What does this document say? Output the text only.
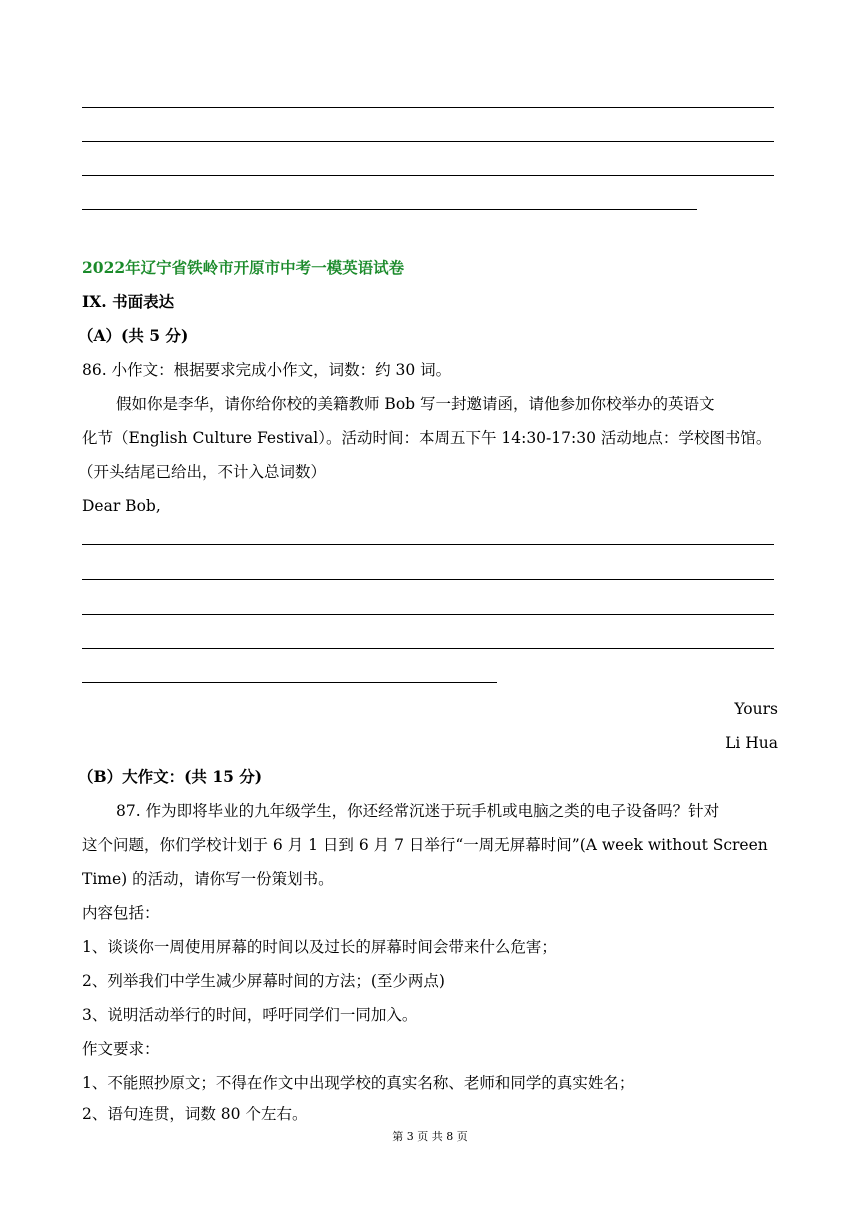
2022年辽宁省铁岭市开原市中考一模英语试卷
IX. 书面表达
（A）(共 5 分)
86. 小作文：根据要求完成小作文，词数：约 30 词。
假如你是李华，请你给你校的美籍教师 Bob 写一封邀请函，请他参加你校举办的英语文
化节（English Culture Festival）。活动时间：本周五下午 14:30-17:30 活动地点：学校图书馆。
（开头结尾已给出，不计入总词数）
Dear Bob,
Yours
Li Hua
（B）大作文：(共 15 分)
87. 作为即将毕业的九年级学生，你还经常沉迷于玩手机或电脑之类的电子设备吗？针对
这个问题，你们学校计划于 6 月 1 日到 6 月 7 日举行“一周无屏幕时间”(A week without Screen
Time) 的活动，请你写一份策划书。
内容包括：
1、谈谈你一周使用屏幕的时间以及过长的屏幕时间会带来什么危害；
2、列举我们中学生减少屏幕时间的方法；(至少两点)
3、说明活动举行的时间，呼吁同学们一同加入。
作文要求：
1、不能照抄原文；不得在作文中出现学校的真实名称、老师和同学的真实姓名；
2、语句连贯，词数 80 个左右。
第 3 页 共 8 页
